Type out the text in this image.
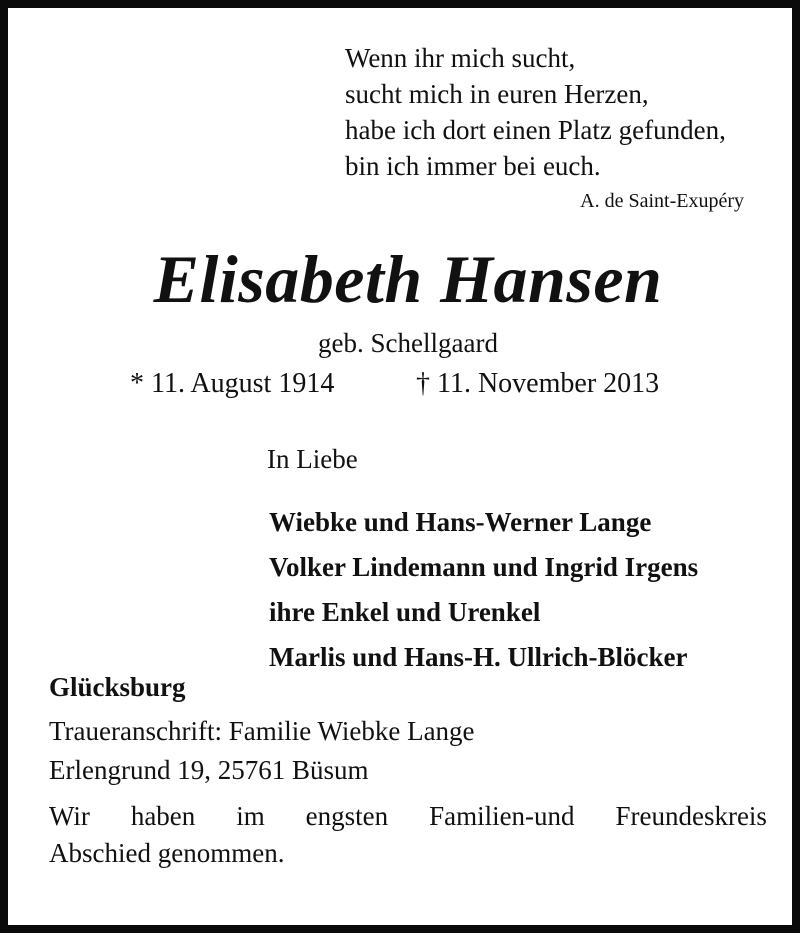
Wenn ihr mich sucht,
sucht mich in euren Herzen,
habe ich dort einen Platz gefunden,
bin ich immer bei euch.
A. de Saint-Exupéry
Elisabeth Hansen
geb. Schellgaard
* 11. August 1914	† 11. November 2013
In Liebe
Wiebke und Hans-Werner Lange
Volker Lindemann und Ingrid Irgens
ihre Enkel und Urenkel
Marlis und Hans-H. Ullrich-Blöcker
Glücksburg
Traueranschrift: Familie Wiebke Lange
Erlengrund 19, 25761 Büsum
Wir haben im engsten Familien-und Freundeskreis
Abschied genommen.
